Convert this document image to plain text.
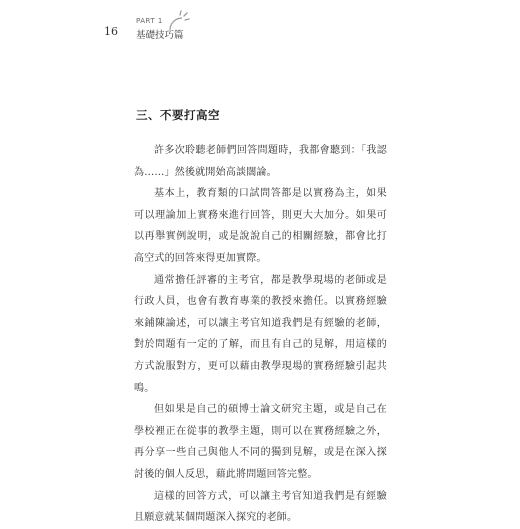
16
PART 1
基礎技巧篇
三、不要打高空

許多次聆聽老師們回答問題時，我都會聽到：「我認為……」然後就開始高談闊論。

基本上，教育類的口試問答都是以實務為主，如果可以理論加上實務來進行回答，則更大大加分。如果可以再舉實例說明，或是說說自己的相關經驗，都會比打高空式的回答來得更加實際。

通常擔任評審的主考官，都是教學現場的老師或是行政人員，也會有教育專業的教授來擔任。以實務經驗來鋪陳論述，可以讓主考官知道我們是有經驗的老師，對於問題有一定的了解，而且有自己的見解，用這樣的方式說服對方，更可以藉由教學現場的實務經驗引起共鳴。

但如果是自己的碩博士論文研究主題，或是自己在學校裡正在從事的教學主題，則可以在實務經驗之外，再分享一些自己與他人不同的獨到見解，或是在深入探討後的個人反思，藉此將問題回答完整。

這樣的回答方式，可以讓主考官知道我們是有經驗且願意就某個問題深入探究的老師。
